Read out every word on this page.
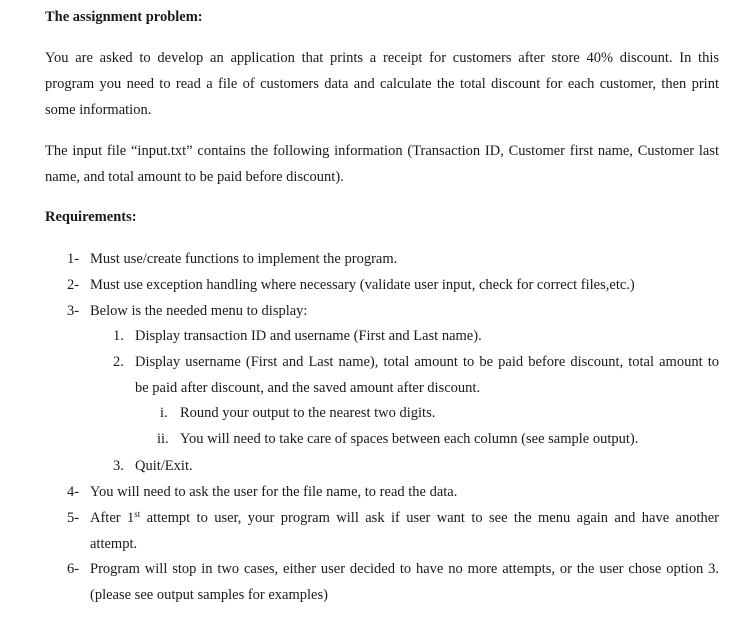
The assignment problem:
You are asked to develop an application that prints a receipt for customers after store 40% discount. In this
program you need to read a file of customers data and calculate the total discount for each customer, then print
some information.
The input file “input.txt” contains the following information (Transaction ID, Customer first name, Customer last
name, and total amount to be paid before discount).
Requirements:
1- Must use/create functions to implement the program.
2- Must use exception handling where necessary (validate user input, check for correct files,etc.)
3- Below is the needed menu to display:
1. Display transaction ID and username (First and Last name).
2. Display username (First and Last name), total amount to be paid before discount, total amount to
be paid after discount, and the saved amount after discount.
i. Round your output to the nearest two digits.
ii. You will need to take care of spaces between each column (see sample output).
3. Quit/Exit.
4- You will need to ask the user for the file name, to read the data.
5- After 1st attempt to user, your program will ask if user want to see the menu again and have another
attempt.
6- Program will stop in two cases, either user decided to have no more attempts, or the user chose option 3.
(please see output samples for examples)
